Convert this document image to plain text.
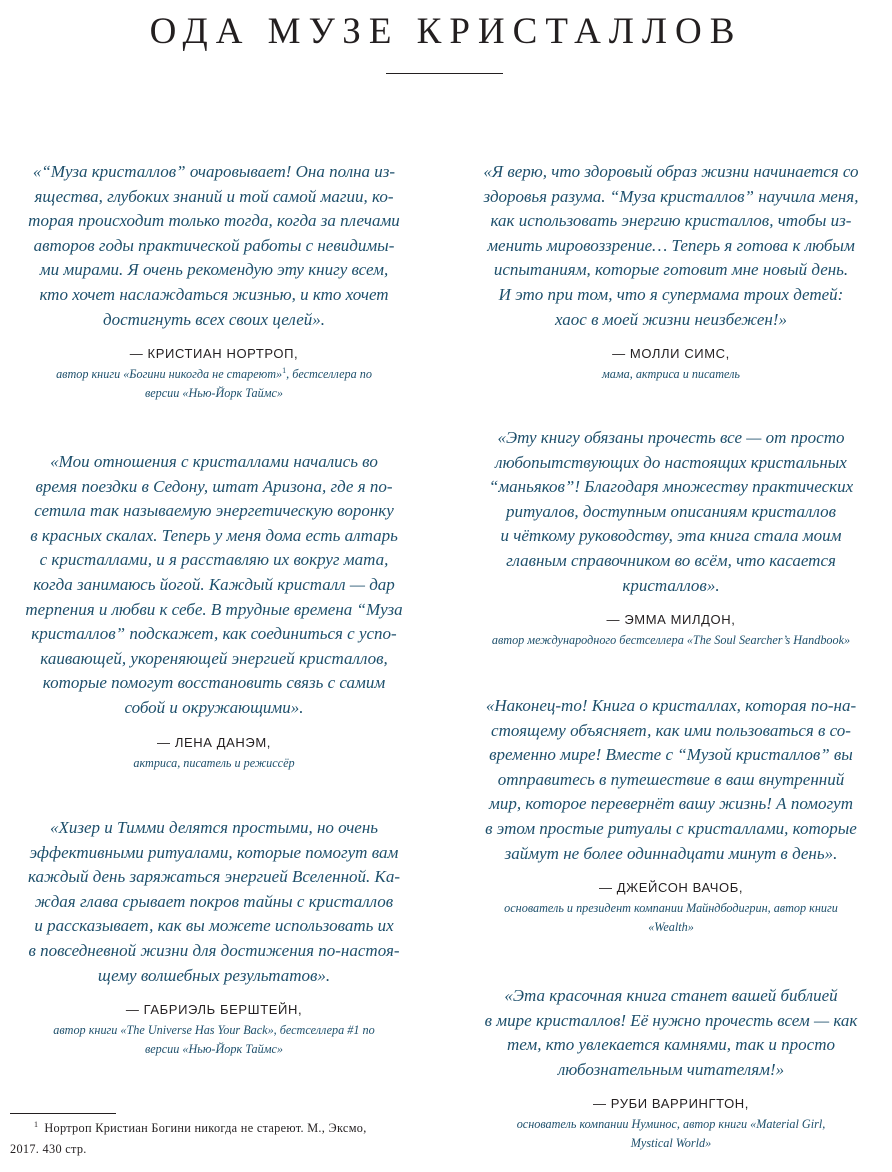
ОДА МУЗЕ КРИСТАЛЛОВ

«“Муза кристаллов” очаровывает! Она полна из-
ящества, глубоких знаний и той самой магии, ко-
торая происходит только тогда, когда за плечами
авторов годы практической работы с невидимы-
ми мирами. Я очень рекомендую эту книгу всем,
кто хочет наслаждаться жизнью, и кто хочет
достигнуть всех своих целей».

— КРИСТИАН НОРТРОП,
автор книги «Богини никогда не стареют»$^1$, бестселлера по
версии «Нью-Йорк Таймс»

«Мои отношения с кристаллами начались во
время поездки в Седону, штат Аризона, где я по-
сетила так называемую энергетическую воронку
в красных скалах. Теперь у меня дома есть алтарь
с кристаллами, и я расставляю их вокруг мата,
когда занимаюсь йогой. Каждый кристалл — дар
терпения и любви к себе. В трудные времена “Муза
кристаллов” подскажет, как соединиться с успо-
каивающей, укореняющей энергией кристаллов,
которые помогут восстановить связь с самим
собой и окружающими».

— ЛЕНА ДАНЭМ,
актриса, писатель и режиссёр

«Хизер и Тимми делятся простыми, но очень
эффективными ритуалами, которые помогут вам
каждый день заряжаться энергией Вселенной. Ка-
ждая глава срывает покров тайны с кристаллов
и рассказывает, как вы можете использовать их
в повседневной жизни для достижения по-настоя-
щему волшебных результатов».

— ГАБРИЭЛЬ БЕРШТЕЙН,
автор книги «The Universe Has Your Back», бестселлера #1 по
версии «Нью-Йорк Таймс»

«Я верю, что здоровый образ жизни начинается со
здоровья разума. “Муза кристаллов” научила меня,
как использовать энергию кристаллов, чтобы из-
менить мировоззрение… Теперь я готова к любым
испытаниям, которые готовит мне новый день.
И это при том, что я супермама троих детей:
хаос в моей жизни неизбежен!»

— МОЛЛИ СИМС,
мама, актриса и писатель

«Эту книгу обязаны прочесть все — от просто
любопытствующих до настоящих кристальных
“маньяков”! Благодаря множеству практических
ритуалов, доступным описаниям кристаллов
и чёткому руководству, эта книга стала моим
главным справочником во всём, что касается
кристаллов».

— ЭММА МИЛДОН,
автор международного бестселлера «The Soul Searcher’s Handbook»

«Наконец-то! Книга о кристаллах, которая по-на-
стоящему объясняет, как ими пользоваться в со-
временно мире! Вместе с “Музой кристаллов” вы
отправитесь в путешествие в ваш внутренний
мир, которое перевернёт вашу жизнь! А помогут
в этом простые ритуалы с кристаллами, которые
займут не более одиннадцати минут в день».

— ДЖЕЙСОН ВАЧОБ,
основатель и президент компании Майндбодигрин, автор книги
«Wealth»

«Эта красочная книга станет вашей библией
в мире кристаллов! Её нужно прочесть всем — как
тем, кто увлекается камнями, так и просто
любознательным читателям!»

— РУБИ ВАРРИНГТОН,
основатель компании Нуминос, автор книги «Material Girl,
Mystical World»
$^1$ Нортроп Кристиан Богини никогда не стареют. М., Эксмо,
2017. 430 стр.
